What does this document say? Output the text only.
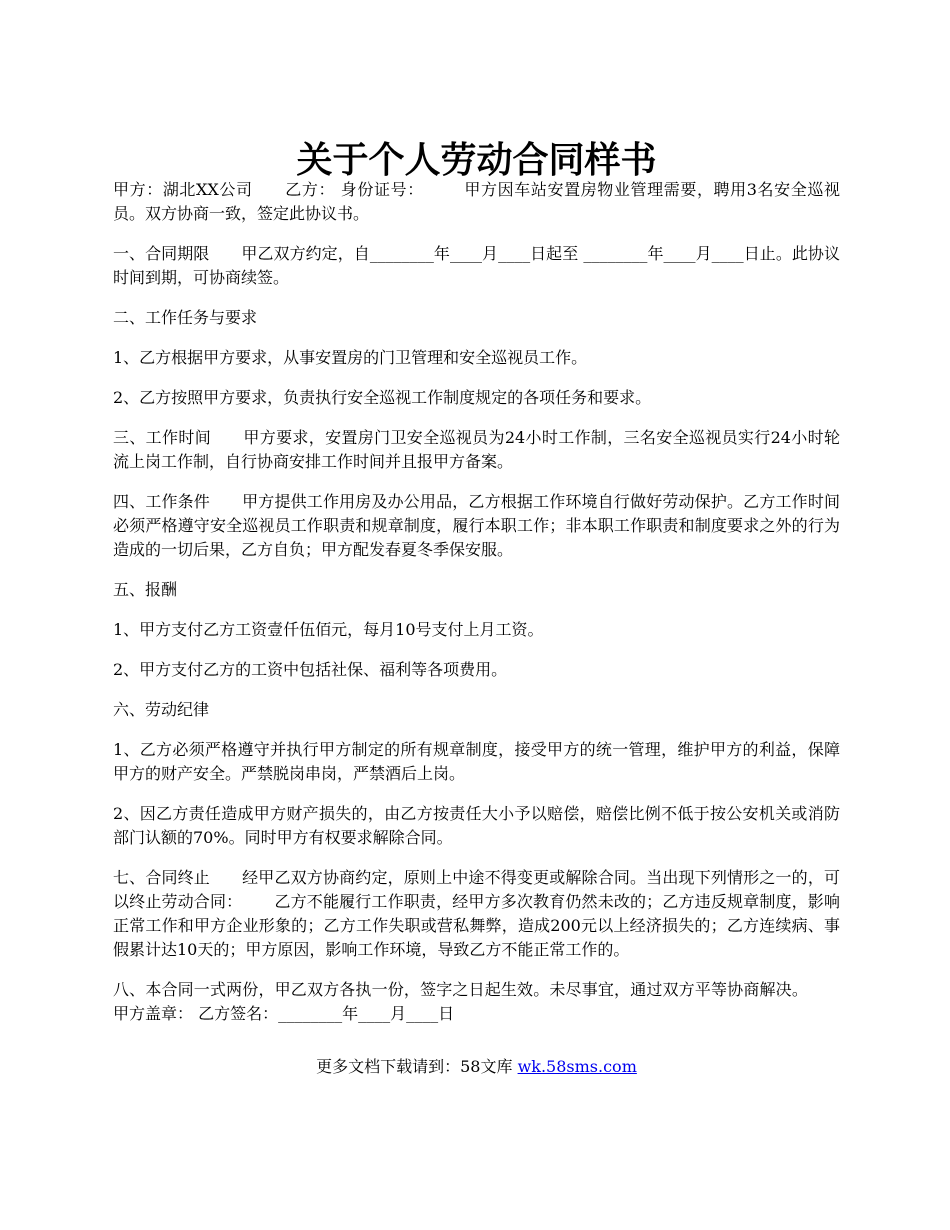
关于个人劳动合同样书

甲方：湖北XX公司 乙方： 身份证号：	甲方因车站安置房物业管理需要，聘用3名安全巡视员。双方协商一致，签定此协议书。

一、合同期限 甲乙双方约定，自________年____月____日起至 ________年____月____日止。此协议时间到期，可协商续签。

二、工作任务与要求

1、乙方根据甲方要求，从事安置房的门卫管理和安全巡视员工作。

2、乙方按照甲方要求，负责执行安全巡视工作制度规定的各项任务和要求。

三、工作时间 甲方要求，安置房门卫安全巡视员为24小时工作制，三名安全巡视员实行24小时轮流上岗工作制，自行协商安排工作时间并且报甲方备案。

四、工作条件 甲方提供工作用房及办公用品，乙方根据工作环境自行做好劳动保护。乙方工作时间必须严格遵守安全巡视员工作职责和规章制度，履行本职工作；非本职工作职责和制度要求之外的行为造成的一切后果，乙方自负；甲方配发春夏冬季保安服。

五、报酬

1、甲方支付乙方工资壹仟伍佰元，每月10号支付上月工资。

2、甲方支付乙方的工资中包括社保、福利等各项费用。

六、劳动纪律

1、乙方必须严格遵守并执行甲方制定的所有规章制度，接受甲方的统一管理，维护甲方的利益，保障甲方的财产安全。严禁脱岗串岗，严禁酒后上岗。

2、因乙方责任造成甲方财产损失的，由乙方按责任大小予以赔偿，赔偿比例不低于按公安机关或消防部门认额的70%。同时甲方有权要求解除合同。

七、合同终止 经甲乙双方协商约定，原则上中途不得变更或解除合同。当出现下列情形之一的，可以终止劳动合同： 乙方不能履行工作职责，经甲方多次教育仍然未改的；乙方违反规章制度，影响正常工作和甲方企业形象的；乙方工作失职或营私舞弊，造成200元以上经济损失的；乙方连续病、事假累计达10天的；甲方原因，影响工作环境，导致乙方不能正常工作的。

八、本合同一式两份，甲乙双方各执一份，签字之日起生效。未尽事宜，通过双方平等协商解决。甲方盖章： 乙方签名：________年____月____日

更多文档下载请到：58文库 wk.58sms.com
